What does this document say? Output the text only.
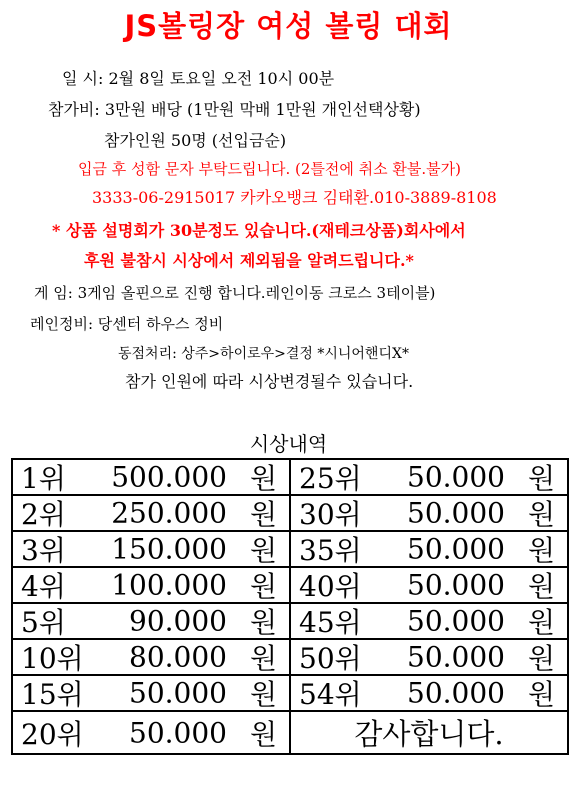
JS볼링장 여성 볼링 대회
일 시: 2월 8일 토요일 오전 10시 00분
참가비: 3만원 배당 (1만원 막배 1만원 개인선택상황)
참가인원 50명 (선입금순)
입금 후 성함 문자 부탁드립니다. (2틀전에 취소 환불.불가)
3333-06-2915017 카카오뱅크 김태환.010-3889-8108
* 상품 설명회가 30분정도 있습니다.(재테크상품)회사에서
후원 불참시 시상에서 제외됨을 알려드립니다.*
게 임: 3게임 올핀으로 진행 합니다.레인이동 크로스 3테이블)
레인정비: 당센터 하우스 정비
동점처리: 상주>하이로우>결정 *시니어핸디X*
참가 인원에 따라 시상변경될수 있습니다.
시상내역
1위 500.000 원	25위 50.000 원

2위 250.000 원	30위 50.000 원

3위 150.000 원	35위 50.000 원

4위 100.000 원	40위 50.000 원

5위 90.000 원	45위 50.000 원

10위 80.000 원	50위 50.000 원

15위 50.000 원	54위 50.000 원

20위 50.000 원	감사합니다.
